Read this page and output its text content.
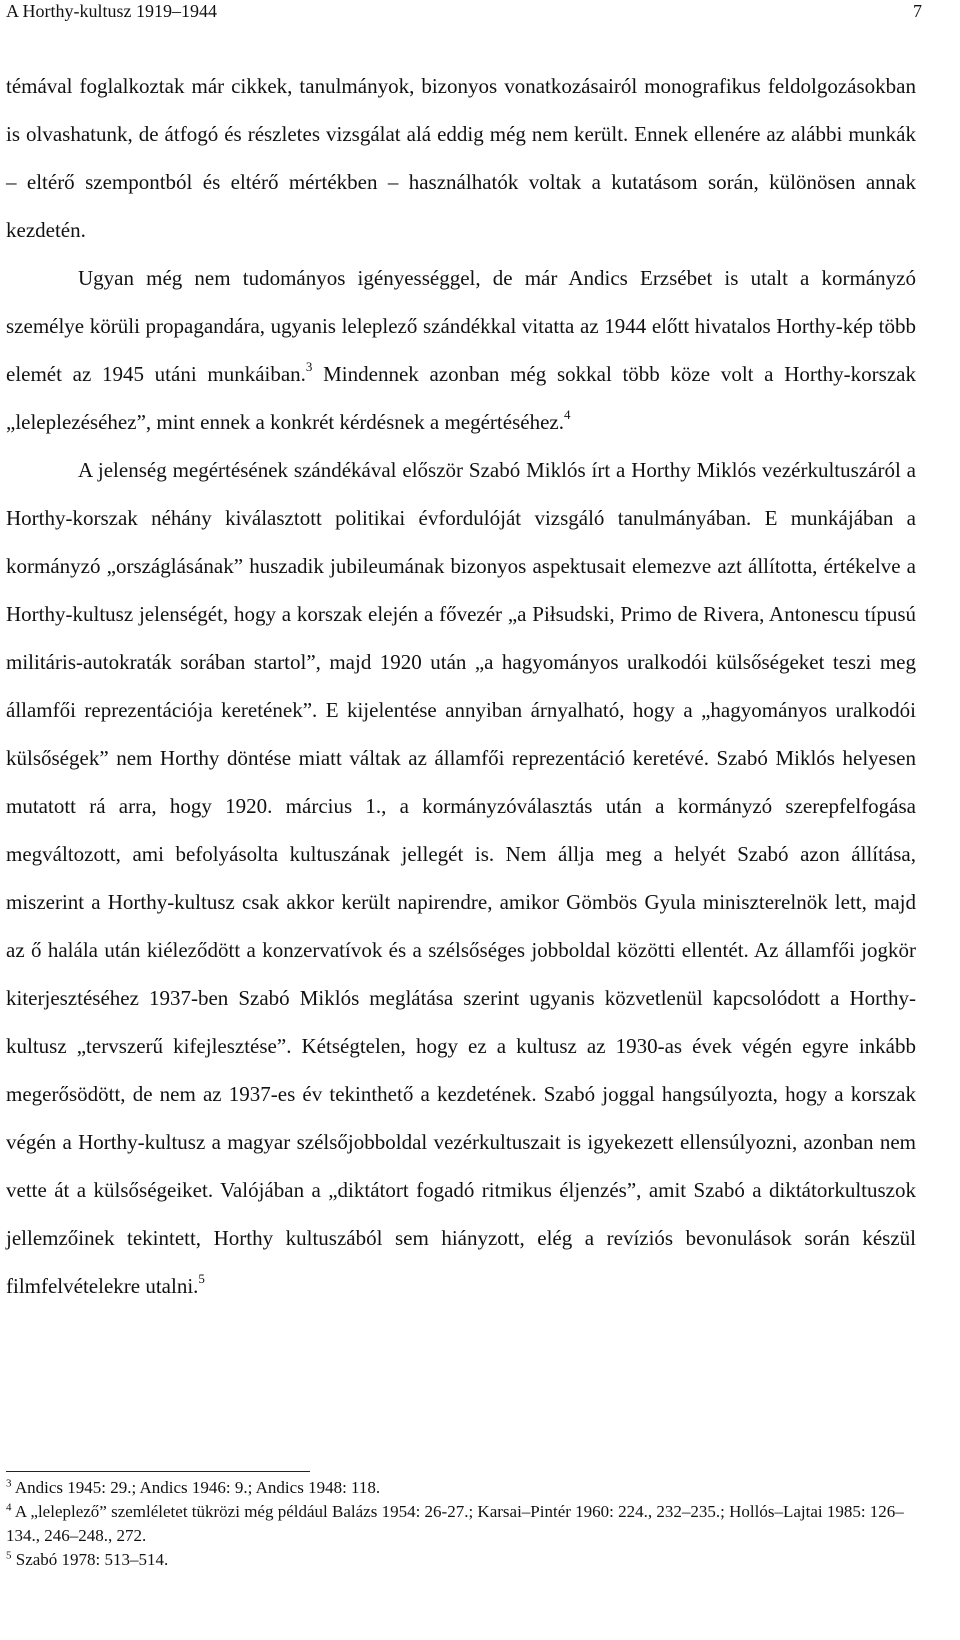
A Horthy-kultusz 1919–1944	7

témával foglalkoztak már cikkek, tanulmányok, bizonyos vonatkozásairól monografikus feldolgozásokban is olvashatunk, de átfogó és részletes vizsgálat alá eddig még nem került. Ennek ellenére az alábbi munkák – eltérő szempontból és eltérő mértékben – használhatók voltak a kutatásom során, különösen annak kezdetén.

Ugyan még nem tudományos igényességgel, de már Andics Erzsébet is utalt a kormányzó személye körüli propagandára, ugyanis leleplező szándékkal vitatta az 1944 előtt hivatalos Horthy-kép több elemét az 1945 utáni munkáiban.$^3$ Mindennek azonban még sokkal több köze volt a Horthy-korszak „leleplezéséhez”, mint ennek a konkrét kérdésnek a megértéséhez.$^4$

A jelenség megértésének szándékával először Szabó Miklós írt a Horthy Miklós vezérkultuszáról a Horthy-korszak néhány kiválasztott politikai évfordulóját vizsgáló tanulmányában. E munkájában a kormányzó „országlásának” huszadik jubileumának bizonyos aspektusait elemezve azt állította, értékelve a Horthy-kultusz jelenségét, hogy a korszak elején a fővezér „a Piłsudski, Primo de Rivera, Antonescu típusú militáris-autokraták sorában startol”, majd 1920 után „a hagyományos uralkodói külsőségeket teszi meg államfői reprezentációja keretének”. E kijelentése annyiban árnyalható, hogy a „hagyományos uralkodói külsőségek” nem Horthy döntése miatt váltak az államfői reprezentáció keretévé. Szabó Miklós helyesen mutatott rá arra, hogy 1920. március 1., a kormányzóválasztás után a kormányzó szerepfelfogása megváltozott, ami befolyásolta kultuszának jellegét is. Nem állja meg a helyét Szabó azon állítása, miszerint a Horthy-kultusz csak akkor került napirendre, amikor Gömbös Gyula miniszterelnök lett, majd az ő halála után kiéleződött a konzervatívok és a szélsőséges jobboldal közötti ellentét. Az államfői jogkör kiterjesztéséhez 1937-ben Szabó Miklós meglátása szerint ugyanis közvetlenül kapcsolódott a Horthy-kultusz „tervszerű kifejlesztése”. Kétségtelen, hogy ez a kultusz az 1930-as évek végén egyre inkább megerősödött, de nem az 1937-es év tekinthető a kezdetének. Szabó joggal hangsúlyozta, hogy a korszak végén a Horthy-kultusz a magyar szélsőjobboldal vezérkultuszait is igyekezett ellensúlyozni, azonban nem vette át a külsőségeiket. Valójában a „diktátort fogadó ritmikus éljenzés”, amit Szabó a diktátorkultuszok jellemzőinek tekintett, Horthy kultuszából sem hiányzott, elég a revíziós bevonulások során készül filmfelvételekre utalni.$^5$

$^3$ Andics 1945: 29.; Andics 1946: 9.; Andics 1948: 118.

$^4$ A „leleplező” szemléletet tükrözi még például Balázs 1954: 26-27.; Karsai–Pintér 1960: 224., 232–235.; Hollós–Lajtai 1985: 126–134., 246–248., 272.

$^5$ Szabó 1978: 513–514.
